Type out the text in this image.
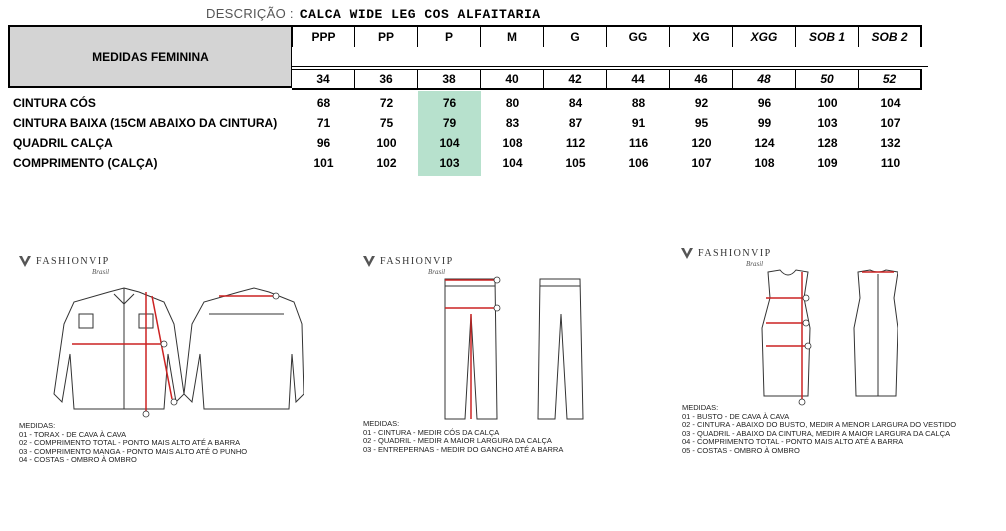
DESCRIÇÃO : CALCA WIDE LEG COS ALFAITARIA
MEDIDAS FEMININA
PPP	PP	P	M	G	GG	XG	XGG	SOB 1	SOB 2
34	36	38	40	42	44	46	48	50	52
CINTURA CÓS	68	72	76	80	84	88	92	96	100	104
CINTURA BAIXA (15CM ABAIXO DA CINTURA)	71	75	79	83	87	91	95	99	103	107
QUADRIL CALÇA	96	100	104	108	112	116	120	124	128	132
COMPRIMENTO (CALÇA)	101	102	103	104	105	106	107	108	109	110
FASHIONVIP
Brasil
MEDIDAS:
01 - TORAX - DE CAVA À CAVA
02 - COMPRIMENTO TOTAL - PONTO MAIS ALTO ATÉ A BARRA
03 - COMPRIMENTO MANGA - PONTO MAIS ALTO ATÉ O PUNHO
04 - COSTAS - OMBRO À OMBRO
FASHIONVIP
Brasil
MEDIDAS:
01 - CINTURA - MEDIR CÓS DA CALÇA
02 - QUADRIL - MEDIR A MAIOR LARGURA DA CALÇA
03 - ENTREPERNAS - MEDIR DO GANCHO ATÉ A BARRA
FASHIONVIP
Brasil
MEDIDAS:
01 - BUSTO - DE CAVA À CAVA
02 - CINTURA - ABAIXO DO BUSTO, MEDIR A MENOR LARGURA DO VESTIDO
03 - QUADRIL - ABAIXO DA CINTURA, MEDIR A MAIOR LARGURA DA CALÇA
04 - COMPRIMENTO TOTAL - PONTO MAIS ALTO ATÉ A BARRA
05 - COSTAS - OMBRO À OMBRO
